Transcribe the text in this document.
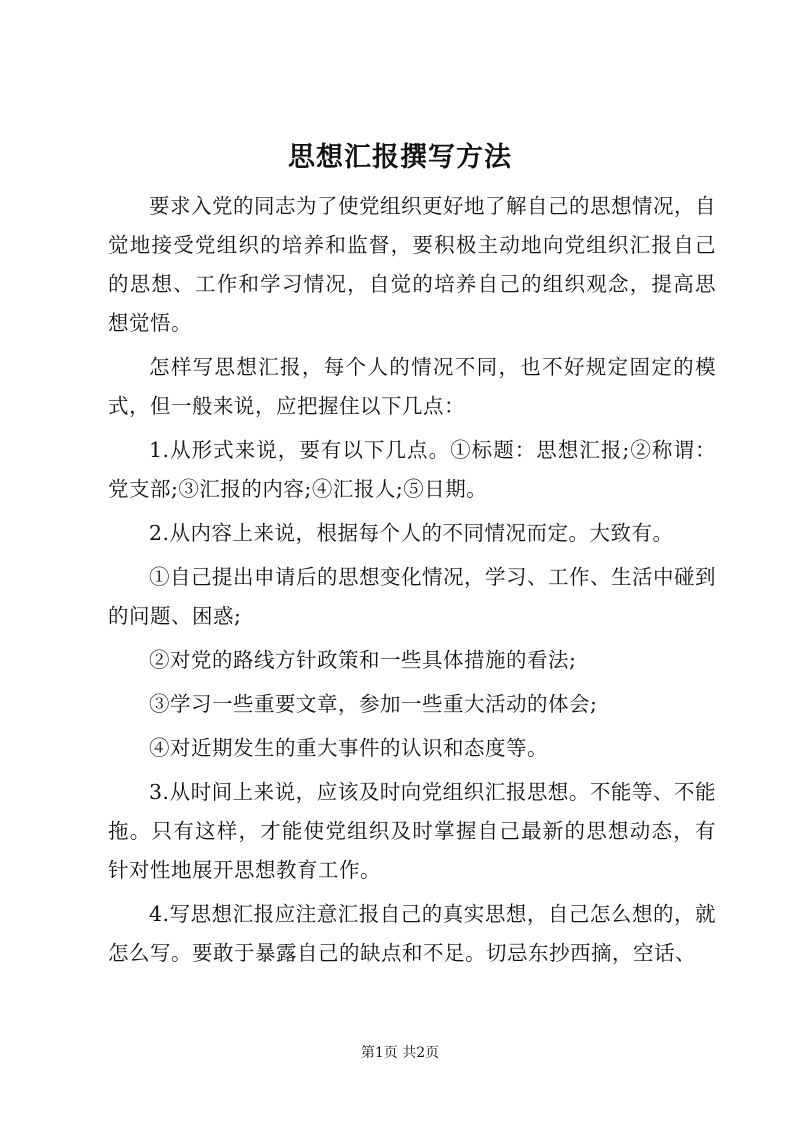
思想汇报撰写方法

要求入党的同志为了使党组织更好地了解自己的思想情况，自觉地接受党组织的培养和监督，要积极主动地向党组织汇报自己的思想、工作和学习情况，自觉的培养自己的组织观念，提高思想觉悟。

怎样写思想汇报，每个人的情况不同，也不好规定固定的模式，但一般来说，应把握住以下几点：

1.从形式来说，要有以下几点。①标题：思想汇报;②称谓：党支部;③汇报的内容;④汇报人;⑤日期。

2.从内容上来说，根据每个人的不同情况而定。大致有。

①自己提出申请后的思想变化情况，学习、工作、生活中碰到的问题、困惑;

②对党的路线方针政策和一些具体措施的看法;

③学习一些重要文章，参加一些重大活动的体会;

④对近期发生的重大事件的认识和态度等。

3.从时间上来说，应该及时向党组织汇报思想。不能等、不能拖。只有这样，才能使党组织及时掌握自己最新的思想动态，有针对性地展开思想教育工作。

4.写思想汇报应注意汇报自己的真实思想，自己怎么想的，就怎么写。要敢于暴露自己的缺点和不足。切忌东抄西摘，空话、

第1页 共2页
